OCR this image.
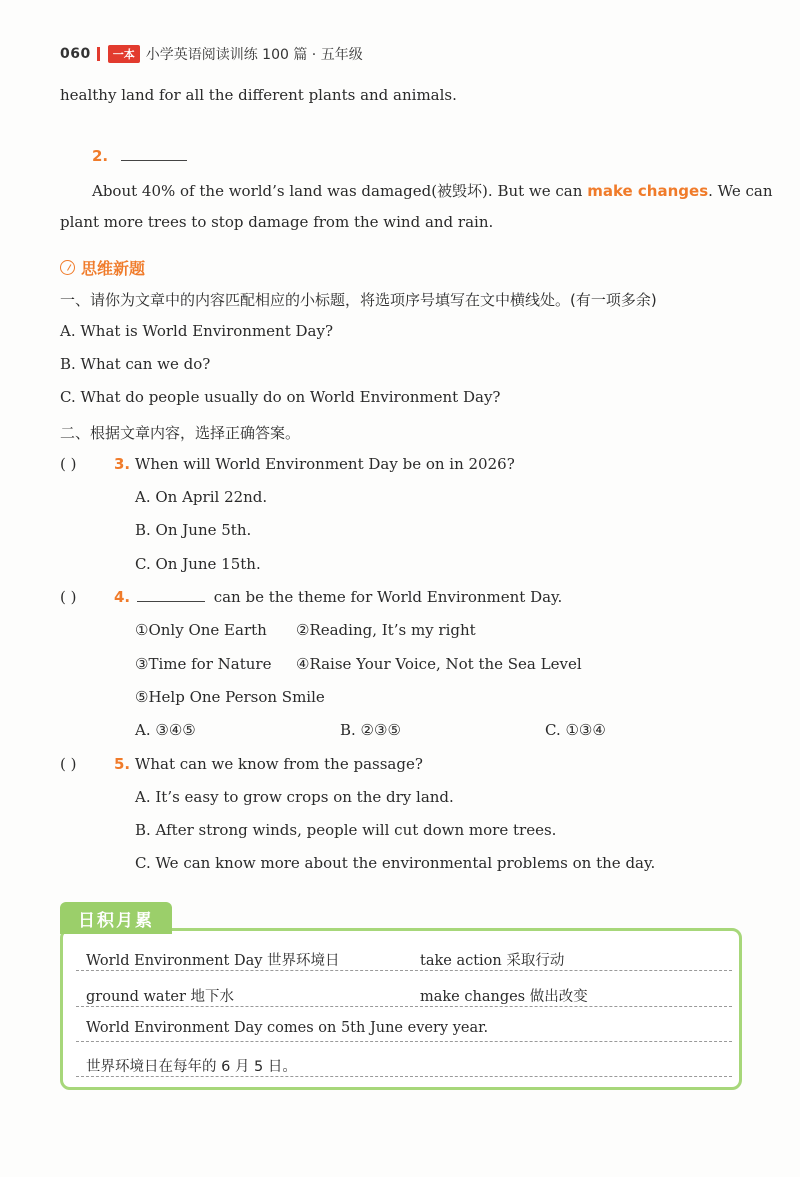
060	一本 小学英语阅读训练 100 篇 · 五年级
healthy land for all the different plants and animals.
2.
About 40% of the world’s land was damaged(被毁坏). But we can make changes. We can
plant more trees to stop damage from the wind and rain.
思维新题
一、请你为文章中的内容匹配相应的小标题，将选项序号填写在文中横线处。(有一项多余)
A. What is World Environment Day?
B. What can we do?
C. What do people usually do on World Environment Day?
二、根据文章内容，选择正确答案。
( )	3. When will World Environment Day be on in 2026?
A. On April 22nd.
B. On June 5th.
C. On June 15th.
( )	4.	can be the theme for World Environment Day.
①Only One Earth ②Reading, It’s my right
③Time for Nature ④Raise Your Voice, Not the Sea Level
⑤Help One Person Smile
A. ③④⑤	B. ②③⑤	C. ①③④
( )	5. What can we know from the passage?
A. It’s easy to grow crops on the dry land.
B. After strong winds, people will cut down more trees.
C. We can know more about the environmental problems on the day.
日积月累
World Environment Day 世界环境日	take action 采取行动
ground water 地下水	make changes 做出改变
World Environment Day comes on 5th June every year.
世界环境日在每年的 6 月 5 日。
